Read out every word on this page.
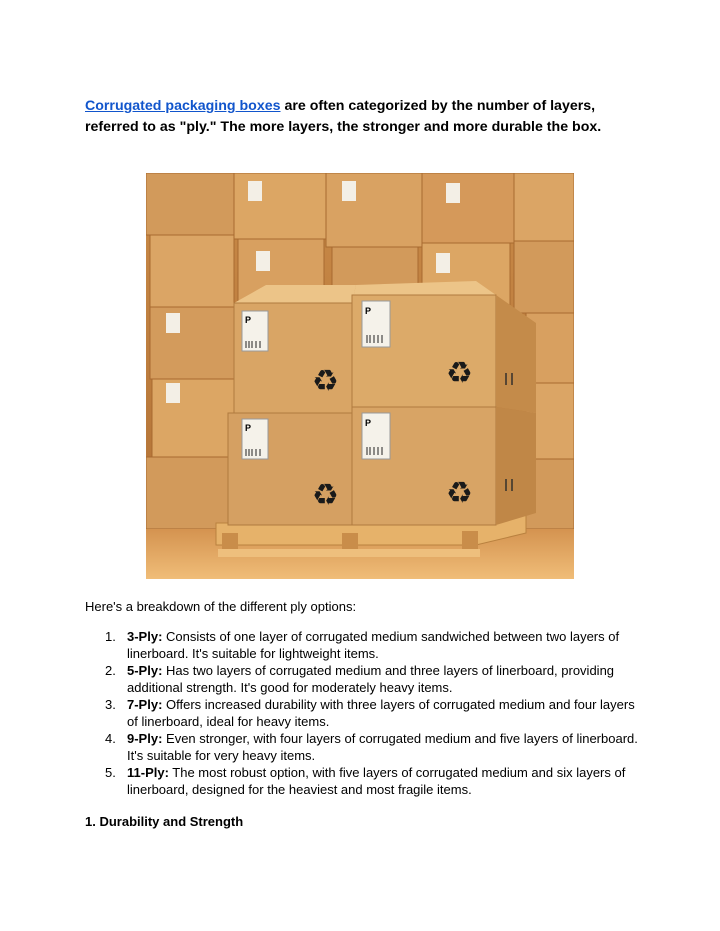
Corrugated packaging boxes are often categorized by the number of layers, referred to as "ply." The more layers, the stronger and more durable the box.

P
P
P	P
♻	♻
♻	♻

Here's a breakdown of the different ply options:

1. 3-Ply: Consists of one layer of corrugated medium sandwiched between two layers of linerboard. It's suitable for lightweight items.
2. 5-Ply: Has two layers of corrugated medium and three layers of linerboard, providing additional strength. It's good for moderately heavy items.
3. 7-Ply: Offers increased durability with three layers of corrugated medium and four layers of linerboard, ideal for heavy items.
4. 9-Ply: Even stronger, with four layers of corrugated medium and five layers of linerboard. It's suitable for very heavy items.
5. 11-Ply: The most robust option, with five layers of corrugated medium and six layers of linerboard, designed for the heaviest and most fragile items.

1. Durability and Strength
